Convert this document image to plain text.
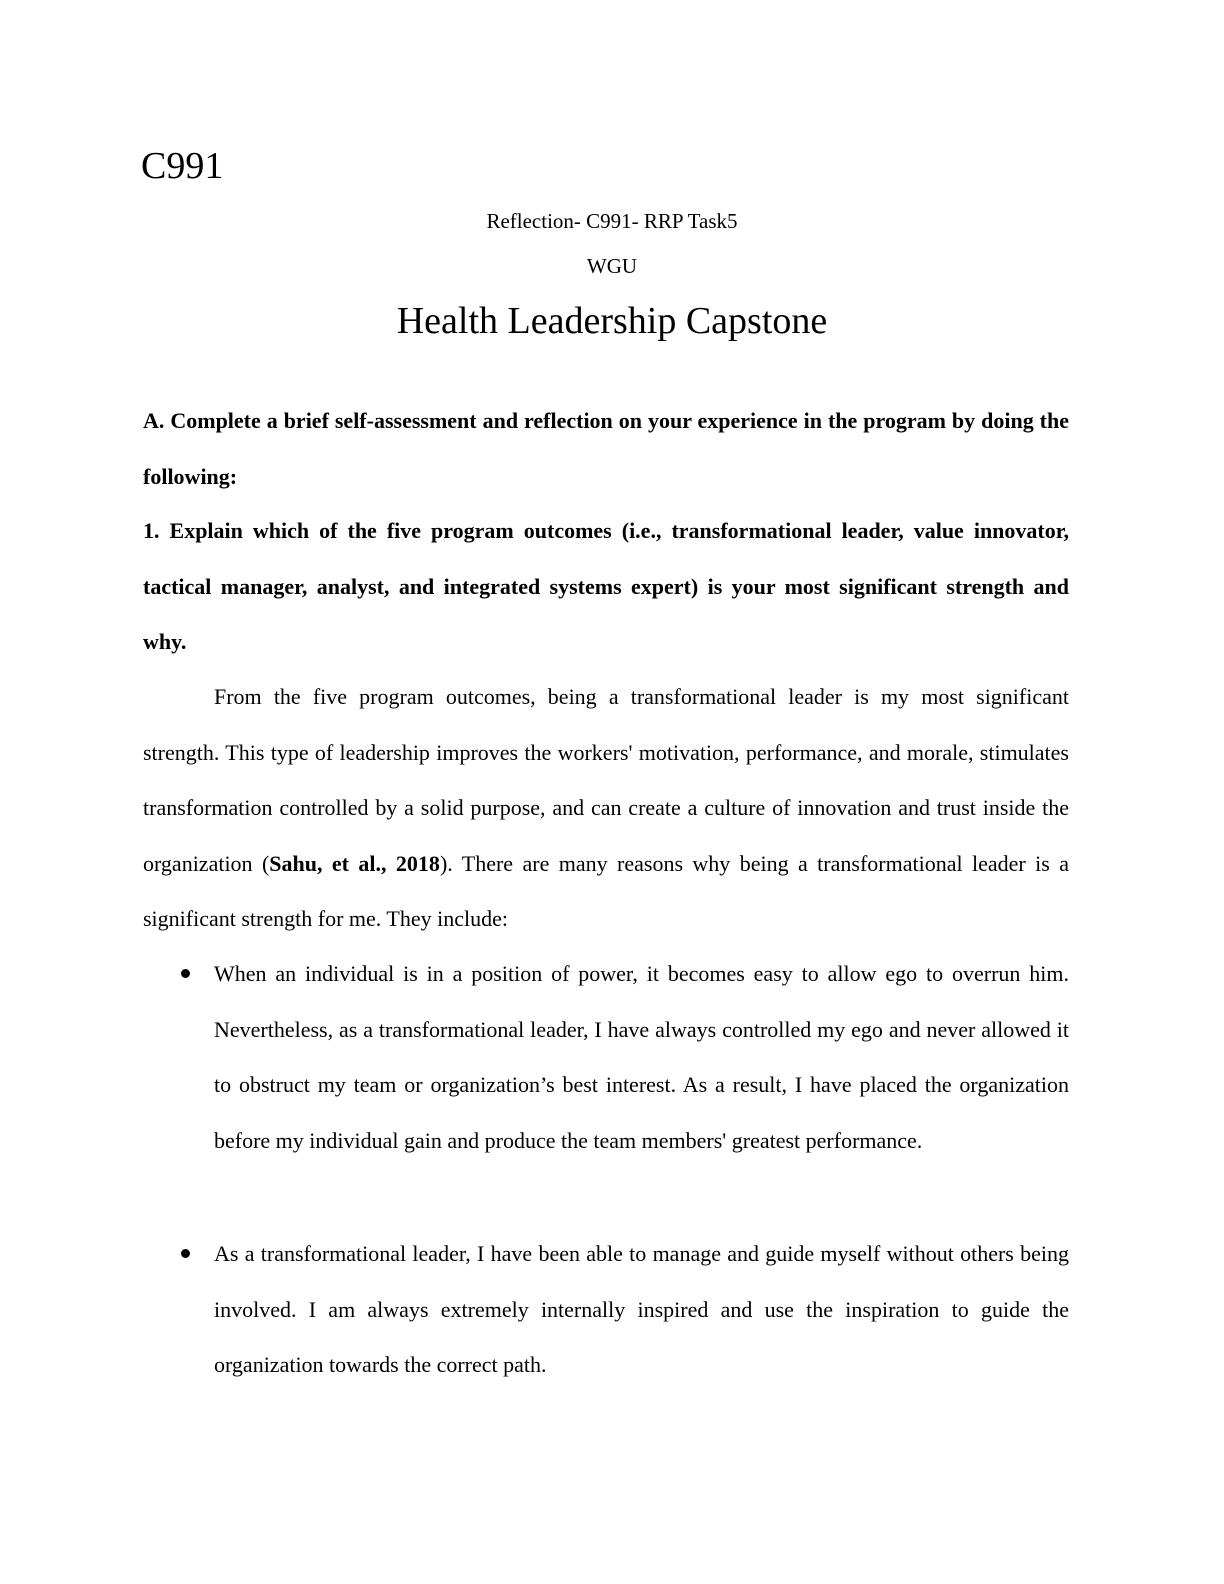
C991

Reflection- C991- RRP Task5

WGU

Health Leadership Capstone

A. Complete a brief self-assessment and reflection on your experience in the program by doing the following:

1. Explain which of the five program outcomes (i.e., transformational leader, value innovator, tactical manager, analyst, and integrated systems expert) is your most significant strength and why.

From the five program outcomes, being a transformational leader is my most significant strength. This type of leadership improves the workers' motivation, performance, and morale, stimulates transformation controlled by a solid purpose, and can create a culture of innovation and trust inside the organization (Sahu, et al., 2018). There are many reasons why being a transformational leader is a significant strength for me. They include:

When an individual is in a position of power, it becomes easy to allow ego to overrun him. Nevertheless, as a transformational leader, I have always controlled my ego and never allowed it to obstruct my team or organization’s best interest. As a result, I have placed the organization before my individual gain and produce the team members' greatest performance.
As a transformational leader, I have been able to manage and guide myself without others being involved. I am always extremely internally inspired and use the inspiration to guide the organization towards the correct path.
